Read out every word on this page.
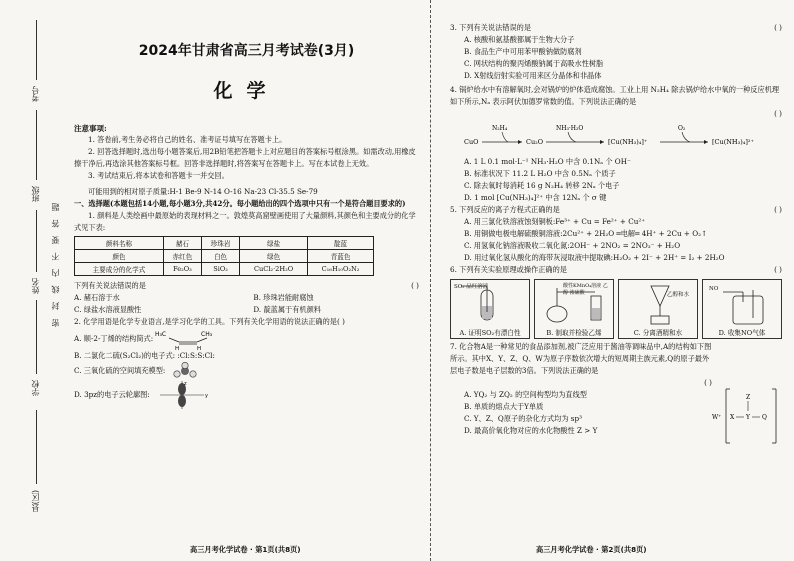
考号
班级
姓名
学校
县(区)
密 封 线 内 不 要 答 题
2024年甘肃省高三月考试卷(3月)
化学
注意事项:

1. 答卷前,考生务必将自己的姓名、准考证号填写在答题卡上。

2. 回答选择题时,选出每小题答案后,用2B铅笔把答题卡上对应题目的答案标号框涂黑。如需改动,用橡皮擦干净后,再选涂其他答案标号框。回答非选择题时,将答案写在答题卡上。写在本试卷上无效。

3. 考试结束后,将本试卷和答题卡一并交回。

可能用到的相对原子质量:H-1 Be-9 N-14 O-16 Na-23 Cl-35.5 Se-79

一、选择题(本题包括14小题,每小题3分,共42分。每小题给出的四个选项中只有一个是符合题目要求的)

1. 颜料是人类绘画中最原始的表现材料之一。敦煌莫高窟壁画使用了大量颜料,其颜色和主要成分的化学式见下表:

颜料名称	赭石	珍珠岩	绿盐	靛蓝
颜色	赤红色	白色	绿色	青蓝色
主要成分的化学式	Fe₂O₃	SiO₂	CuCl₂·2H₂O	C₁₆H₁₀O₂N₂

下列有关说法错误的是	( )

A. 赭石溶于水	B. 珍珠岩能耐腐蚀
C. 绿盐水溶液显酸性	D. 靛蓝属于有机颜料

2. 化学用语是化学专业语言,是学习化学的工具。下列有关化学用语的说法正确的是( )

A. 顺-2-丁烯的结构简式: H₃C	CH₃
H	H

B. 二氯化二硫(S₂Cl₂)的电子式: :Cl:S:S:Cl:

C. 三氧化硫的空间填充模型:
D. 3pz的电子云轮廓图:	y
z
高三月考化学试卷 · 第1页(共8页)

3. 下列有关说法错误的是	( )

A. 核酸和氨基酸都属于生物大分子

B. 食品生产中可用苯甲酸钠做防腐剂

C. 网状结构的聚丙烯酸钠属于高吸水性树脂

D. X射线衍射实验可用来区分晶体和非晶体

4. 锅炉给水中有溶解氧时,会对锅炉的炉体造成腐蚀。工业上用 N₂H₄ 除去锅炉给水中氧的一种反应机理如下所示,Nₐ 表示阿伏加德罗常数的值。下列说法正确的是

( )

CuO
N₂H₄
Cu₂O
NH₃·H₂O
[Cu(NH₃)₄]⁺
O₂
[Cu(NH₃)₄]²⁺

A. 1 L 0.1 mol·L⁻¹ NH₃·H₂O 中含 0.1Nₐ 个 OH⁻

B. 标准状况下 11.2 L H₂O 中含 0.5Nₐ 个质子

C. 除去氧时每消耗 16 g N₂H₄ 转移 2Nₐ 个电子

D. 1 mol [Cu(NH₃)₄]²⁺ 中含 12Nₐ 个 σ 键

5. 下列反应的离子方程式正确的是	( )

A. 用三氯化铁溶液蚀刻铜板:Fe³⁺ + Cu = Fe²⁺ + Cu²⁺

B. 用铜做电极电解硫酸铜溶液:2Cu²⁺ + 2H₂O ═电解═ 4H⁺ + 2Cu + O₂↑

C. 用氢氧化钠溶液吸收二氧化氮:2OH⁻ + 2NO₂ = 2NO₃⁻ + H₂O

D. 用过氧化氢从酸化的海带灰浸取液中提取碘:H₂O₂ + 2I⁻ + 2H⁺ = I₂ + 2H₂O

6. 下列有关实验原理或操作正确的是	( )

SO₂ 品红溶液
A. 证明SO₂有漂白性
酸性KMnO₄溶液 乙醇 浓硫酸
B. 制取并检验乙烯
乙醇和水
C. 分离酒精和水
NO
D. 收集NO气体

7. 化合物A是一种常见的食品添加剂,被广泛应用于酱油等调味品中,A的结构如下图所示。其中X、Y、Z、Q、W为原子序数依次增大的短周期主族元素,Q的原子最外层电子数是电子层数的3倍。下列说法正确的是

( )

A. YQ₂ 与 ZQ₂ 的空间构型均为直线型

B. 单质的熔点大于Y单质

C. Y、Z、Q原子的杂化方式均为 sp³

D. 最高价氧化物对应的水化物酸性 Z > Y

W⁺ X Y
Z
Q
高三月考化学试卷 · 第2页(共8页)
